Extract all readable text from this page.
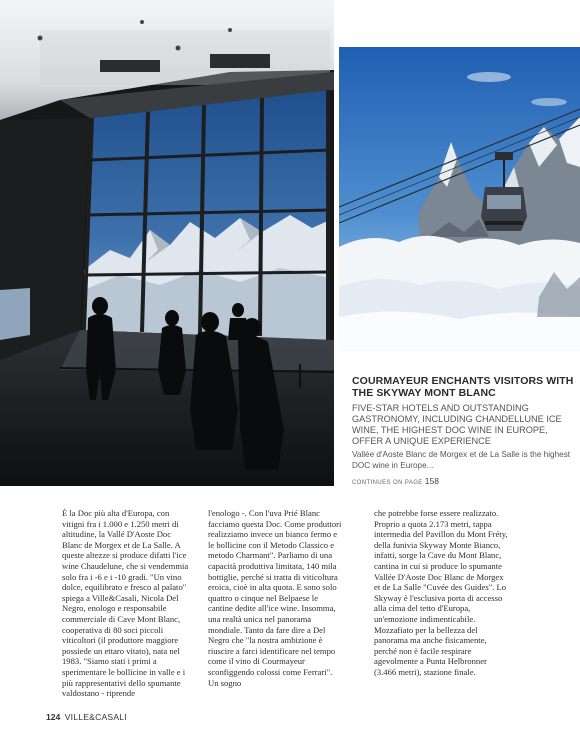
COURMAYEUR ENCHANTS VISITORS WITH THE SKYWAY MONT BLANC

FIVE-STAR HOTELS AND OUTSTANDING GASTRONOMY, INCLUDING CHANDELLUNE ICE WINE, THE HIGHEST DOC WINE IN EUROPE, OFFER A UNIQUE EXPERIENCE

Vallée d'Aoste Blanc de Morgex et de La Salle is the highest DOC wine in Europe...

CONTINUES ON PAGE 158

È la Doc più alta d'Europa, con vitigni fra i 1.000 e 1.250 metri di altitudine, la Vallé D'Aoste Doc Blanc de Morgex et de La Salle. A queste altezze si produce difatti l'ice wine Chaudelune, che si vendemmia solo fra i -6 e i -10 gradi. "Un vino dolce, equilibrato e fresco al palato" spiega a Ville&Casali, Nicola Del Negro, enologo e responsabile commerciale di Cave Mont Blanc, cooperativa di 80 soci piccoli viticoltori (il produttore maggiore possiede un ettaro vitato), nata nel 1983. "Siamo stati i primi a sperimentare le bollicine in valle e i più rappresentativi dello spumante valdostano - riprende

l'enologo -. Con l'uva Prié Blanc facciamo questa Doc. Come produttori realizziamo invece un bianco fermo e le bollicine con il Metodo Classico e metodo Charmant". Parliamo di una capacità produttiva limitata, 140 mila bottiglie, perché si tratta di viticoltura eroica, cioè in alta quota. E sono solo quattro o cinque nel Belpaese le cantine dedite all'ice wine. Insomma, una realtà unica nel panorama mondiale. Tanto da fare dire a Del Negro che "la nostra ambizione è riuscire a farci identificare nel tempo come il vino di Courmayeur sconfiggendo colossi come Ferrari". Un sogno

che potrebbe forse essere realizzato. Proprio a quota 2.173 metri, tappa intermedia del Pavillon du Mont Fréty, della funivia Skyway Monte Bianco, infatti, sorge la Cave du Mont Blanc, cantina in cui si produce lo spumante Vallée D'Aoste Doc Blanc de Morgex et de La Salle "Cuvée des Guides". Lo Skyway è l'esclusiva porta di accesso alla cima del tetto d'Europa, un'emozione indimenticabile. Mozzafiato per la bellezza del panorama ma anche fisicamente, perché non è facile respirare agevolmente a Punta Helbronner (3.466 metri), stazione finale.

124 VILLE&CASALI
